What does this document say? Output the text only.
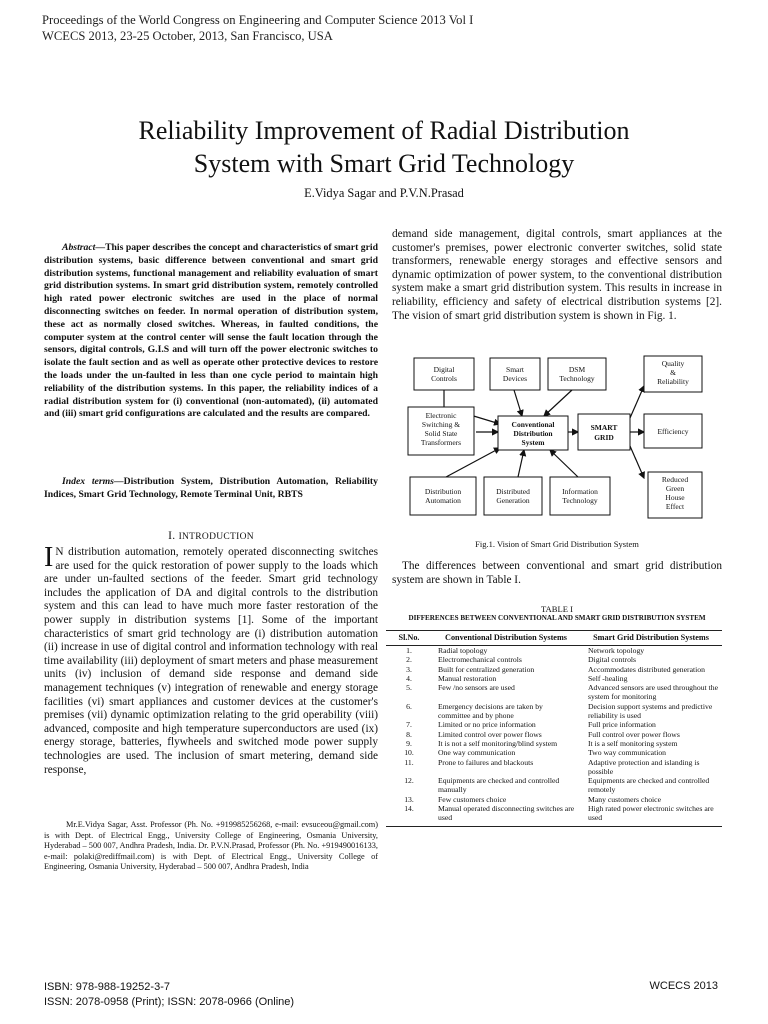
Proceedings of the World Congress on Engineering and Computer Science 2013 Vol I
WCECS 2013, 23-25 October, 2013, San Francisco, USA
Reliability Improvement of Radial Distribution
System with Smart Grid Technology
E.Vidya Sagar and P.V.N.Prasad
Abstract—This paper describes the concept and characteristics of smart grid distribution systems, basic difference between conventional and smart grid distribution systems, functional management and reliability evaluation of smart grid distribution systems. In smart grid distribution system, remotely controlled high rated power electronic switches are used in the place of normal disconnecting switches on feeder. In normal operation of distribution system, these act as normally closed switches. Whereas, in faulted conditions, the computer system at the control center will sense the fault location through the sensors, digital controls, G.I.S and will turn off the power electronic switches to isolate the fault section and as well as operate other protective devices to restore the loads under the un-faulted in less than one cycle period to maintain high reliability of the distribution systems. In this paper, the reliability indices of a radial distribution system for (i) conventional (non-automated), (ii) automated and (iii) smart grid configurations are calculated and the results are compared.
Index terms—Distribution System, Distribution Automation, Reliability Indices, Smart Grid Technology, Remote Terminal Unit, RBTS
I. INTRODUCTION
I N distribution automation, remotely operated disconnecting switches are used for the quick restoration of power supply to the loads which are under un-faulted sections of the feeder. Smart grid technology includes the application of DA and digital controls to the distribution system and this can lead to have much more faster restoration of the power supply in distribution systems [1]. Some of the important characteristics of smart grid technology are (i) distribution automation (ii) increase in use of digital control and information technology with real time availability (iii) deployment of smart meters and phase measurement units (iv) inclusion of demand side response and demand side management techniques (v) integration of renewable and energy storage facilities (vi) smart appliances and customer devices at the customer's premises (vii) dynamic optimization relating to the grid operability (viii) advanced, composite and high temperature superconductors are used (ix) energy storage, batteries, flywheels and switched mode power supply technologies are used. The inclusion of smart metering, demand side response,
Mr.E.Vidya Sagar, Asst. Professor (Ph. No. +919985256268, e-mail: evsuceou@gmail.com) is with Dept. of Electrical Engg., University College of Engineering, Osmania University, Hyderabad – 500 007, Andhra Pradesh, India. Dr. P.V.N.Prasad, Professor (Ph. No. +919490016133, e-mail: polaki@rediffmail.com) is with Dept. of Electrical Engg., University College of Engineering, Osmania University, Hyderabad – 500 007, Andhra Pradesh, India
demand side management, digital controls, smart appliances at the customer's premises, power electronic converter switches, solid state transformers, renewable energy storages and effective sensors and dynamic optimization of power system, to the conventional distribution system make a smart grid distribution system. This results in increase in reliability, efficiency and safety of electrical distribution systems [2]. The vision of smart grid distribution system is shown in Fig. 1.
Digital
Controls
Smart
Devices
DSM
Technology
Quality
&
Reliability
Electronic
Switching &
Solid State
Transformers
Conventional
Distribution
System
SMART
GRID
Efficiency
Reduced
Green
House
Effect
Distribution
Automation
Distributed
Generation
Information
Technology
Fig.1. Vision of Smart Grid Distribution System
The differences between conventional and smart grid distribution system are shown in Table I.
TABLE I
DIFFERENCES BETWEEN CONVENTIONAL AND SMART GRID DISTRIBUTION SYSTEM
Sl.No.	Conventional Distribution Systems	Smart Grid Distribution Systems
1.	Radial topology	Network topology
2.	Electromechanical controls	Digital controls
3.	Built for centralized generation	Accommodates distributed generation
4.	Manual restoration	Self -healing
5.	Few /no sensors are used	Advanced sensors are used throughout the system for monitoring
6.	Emergency decisions are taken by committee and by phone	Decision support systems and predictive reliability is used
7.	Limited or no price information	Full price information
8.	Limited control over power flows	Full control over power flows
9.	It is not a self monitoring/blind system	It is a self monitoring system
10.	One way communication	Two way communication
11.	Prone to failures and blackouts	Adaptive protection and islanding is possible
12.	Equipments are checked and controlled manually	Equipments are checked and controlled remotely
13.	Few customers choice	Many customers choice
14.	Manual operated disconnecting switches are used	High rated power electronic switches are used
ISBN: 978-988-19252-3-7
ISSN: 2078-0958 (Print); ISSN: 2078-0966 (Online)
WCECS 2013
